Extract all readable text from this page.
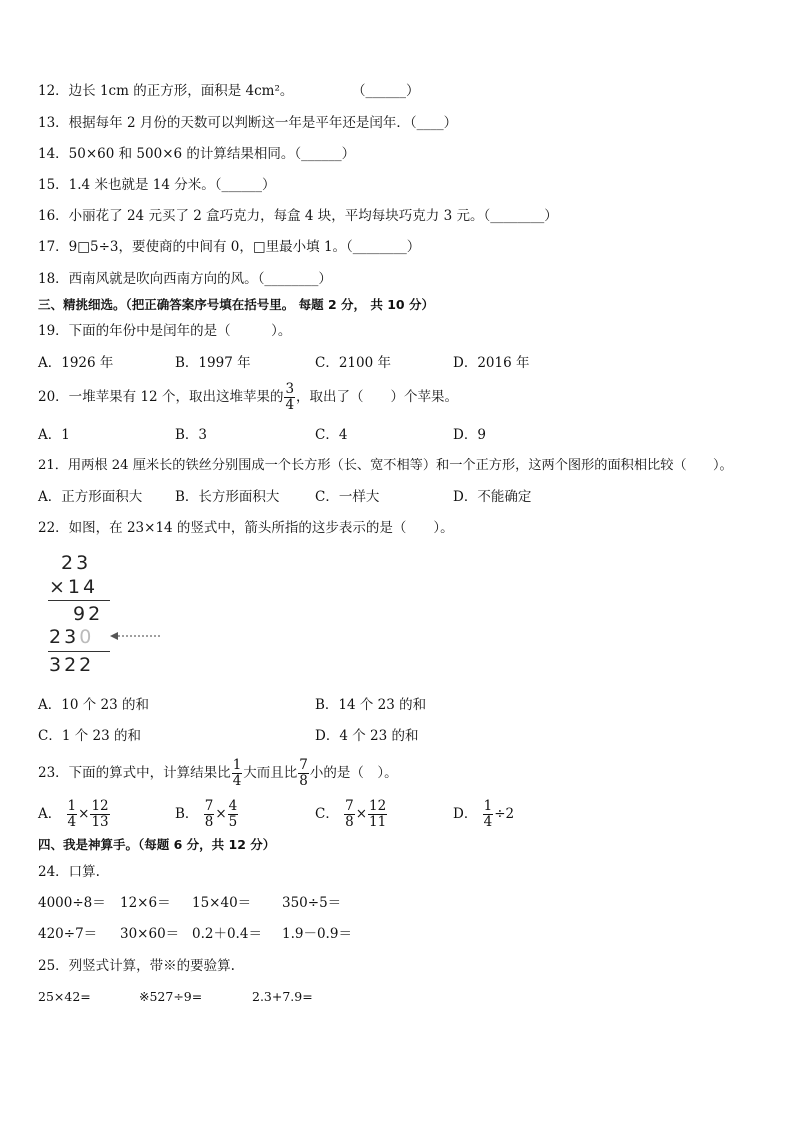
12．边长 1cm 的正方形，面积是 4cm²。	（______）
13．根据每年 2 月份的天数可以判断这一年是平年还是闰年．（____）
14．50×60 和 500×6 的计算结果相同。（______）
15．1.4 米也就是 14 分米。（______）
16．小丽花了 24 元买了 2 盒巧克力，每盒 4 块，平均每块巧克力 3 元。（________）
17．9□5÷3，要使商的中间有 0，□里最小填 1。（________）
18．西南风就是吹向西南方向的风。（________）
三、精挑细选。（把正确答案序号填在括号里。 每题 2 分， 共 10 分）
19．下面的年份中是闰年的是（　　　）。
A．1926 年	B．1997 年	C．2100 年	D．2016 年
20．一堆苹果有 12 个，取出这堆苹果的 $\frac{3}{4}$ ，取出了（　　）个苹果。
A．1	B．3	C．4	D．9
21．用两根 24 厘米长的铁丝分别围成一个长方形（长、宽不相等）和一个正方形，这两个图形的面积相比较（　　）。
A．正方形面积大 B．长方形面积大	C．一样大	D．不能确定
22．如图，在 23×14 的竖式中，箭头所指的这步表示的是（　　）。
23
×14
92
230
322
A．10 个 23 的和	B．14 个 23 的和
C．1 个 23 的和	D．4 个 23 的和
23．下面的算式中，计算结果比 $\frac{1}{4}$ 大而且比 $\frac{7}{8}$ 小的是（　）。
A． $\frac{1}{4} \times \frac{12}{13}$	B． $\frac{7}{8} \times \frac{4}{5}$	C． $\frac{7}{8} \times \frac{12}{11}$	D． $\frac{1}{4} \div 2$
四、我是神算手。（每题 6 分，共 12 分）
24．口算.
4000÷8＝ 12×6＝ 15×40＝ 350÷5＝
420÷7＝ 30×60＝ 0.2＋0.4＝ 1.9－0.9＝
25．列竖式计算，带※的要验算.
25×42=	※527÷9=	2.3+7.9=
